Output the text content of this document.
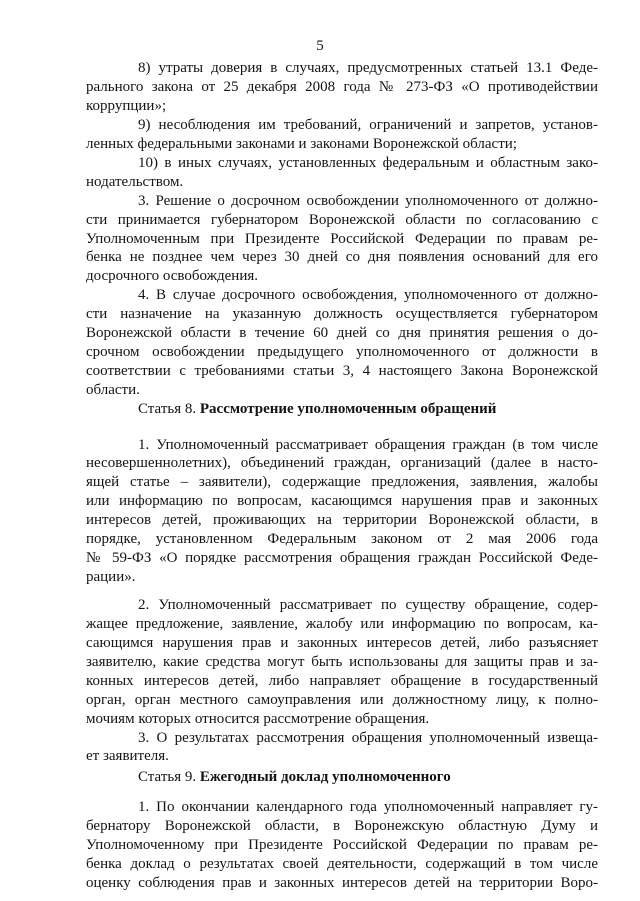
5
8) утраты доверия в случаях, предусмотренных статьей 13.1 Феде-
рального закона от 25 декабря 2008 года № 273-ФЗ «О противодействии
коррупции»;
9) несоблюдения им требований, ограничений и запретов, установ-
ленных федеральными законами и законами Воронежской области;
10) в иных случаях, установленных федеральным и областным зако-
нодательством.
3. Решение о досрочном освобождении уполномоченного от должно-
сти принимается губернатором Воронежской области по согласованию с
Уполномоченным при Президенте Российской Федерации по правам ре-
бенка не позднее чем через 30 дней со дня появления оснований для его
досрочного освобождения.
4. В случае досрочного освобождения, уполномоченного от должно-
сти назначение на указанную должность осуществляется губернатором
Воронежской области в течение 60 дней со дня принятия решения о до-
срочном освобождении предыдущего уполномоченного от должности в
соответствии с требованиями статьи 3, 4 настоящего Закона Воронежской
области.
1. Уполномоченный рассматривает обращения граждан (в том числе
несовершеннолетних), объединений граждан, организаций (далее в насто-
ящей статье – заявители), содержащие предложения, заявления, жалобы
или информацию по вопросам, касающимся нарушения прав и законных
интересов детей, проживающих на территории Воронежской области, в
порядке, установленном Федеральным законом от 2 мая 2006 года
№ 59-ФЗ «О порядке рассмотрения обращения граждан Российской Феде-
рации».
2. Уполномоченный рассматривает по существу обращение, содер-
жащее предложение, заявление, жалобу или информацию по вопросам, ка-
сающимся нарушения прав и законных интересов детей, либо разъясняет
заявителю, какие средства могут быть использованы для защиты прав и за-
конных интересов детей, либо направляет обращение в государственный
орган, орган местного самоуправления или должностному лицу, к полно-
мочиям которых относится рассмотрение обращения.
3. О результатах рассмотрения обращения уполномоченный извеща-
ет заявителя.
1. По окончании календарного года уполномоченный направляет гу-
бернатору Воронежской области, в Воронежскую областную Думу и
Уполномоченному при Президенте Российской Федерации по правам ре-
бенка доклад о результатах своей деятельности, содержащий в том числе
оценку соблюдения прав и законных интересов детей на территории Воро-
Статья 8. Рассмотрение уполномоченным обращений
Статья 9. Ежегодный доклад уполномоченного
